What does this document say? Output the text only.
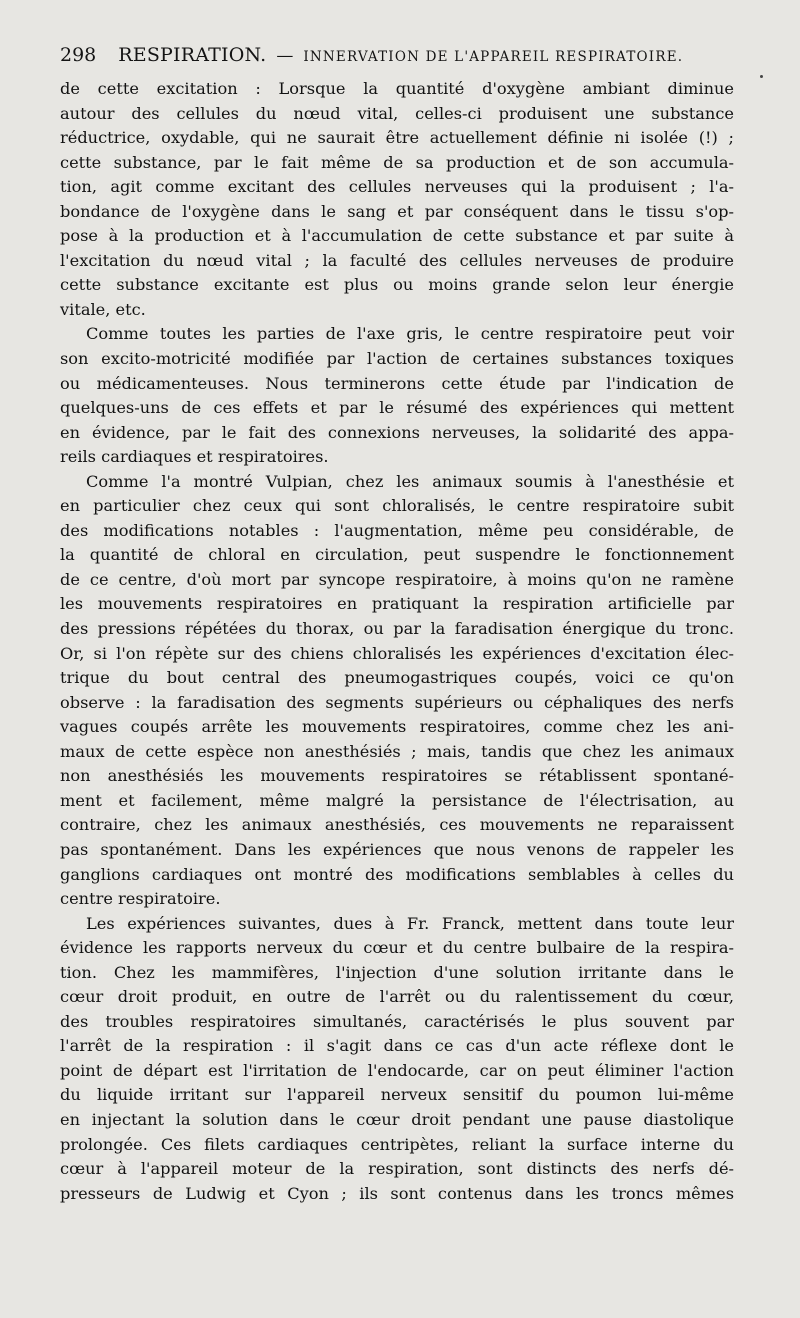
298 RESPIRATION. — INNERVATION DE L'APPAREIL RESPIRATOIRE.

de cette excitation : Lorsque la quantité d'oxygène ambiant diminue
autour des cellules du nœud vital, celles-ci produisent une substance
réductrice, oxydable, qui ne saurait être actuellement définie ni isolée (!) ;
cette substance, par le fait même de sa production et de son accumula-
tion, agit comme excitant des cellules nerveuses qui la produisent ; l'a-
bondance de l'oxygène dans le sang et par conséquent dans le tissu s'op-
pose à la production et à l'accumulation de cette substance et par suite à
l'excitation du nœud vital ; la faculté des cellules nerveuses de produire
cette substance excitante est plus ou moins grande selon leur énergie
vitale, etc.

Comme toutes les parties de l'axe gris, le centre respiratoire peut voir
son excito-motricité modifiée par l'action de certaines substances toxiques
ou médicamenteuses. Nous terminerons cette étude par l'indication de
quelques-uns de ces effets et par le résumé des expériences qui mettent
en évidence, par le fait des connexions nerveuses, la solidarité des appa-
reils cardiaques et respiratoires.

Comme l'a montré Vulpian, chez les animaux soumis à l'anesthésie et
en particulier chez ceux qui sont chloralisés, le centre respiratoire subit
des modifications notables : l'augmentation, même peu considérable, de
la quantité de chloral en circulation, peut suspendre le fonctionnement
de ce centre, d'où mort par syncope respiratoire, à moins qu'on ne ramène
les mouvements respiratoires en pratiquant la respiration artificielle par
des pressions répétées du thorax, ou par la faradisation énergique du tronc.
Or, si l'on répète sur des chiens chloralisés les expériences d'excitation élec-
trique du bout central des pneumogastriques coupés, voici ce qu'on
observe : la faradisation des segments supérieurs ou céphaliques des nerfs
vagues coupés arrête les mouvements respiratoires, comme chez les ani-
maux de cette espèce non anesthésiés ; mais, tandis que chez les animaux
non anesthésiés les mouvements respiratoires se rétablissent spontané-
ment et facilement, même malgré la persistance de l'électrisation, au
contraire, chez les animaux anesthésiés, ces mouvements ne reparaissent
pas spontanément. Dans les expériences que nous venons de rappeler les
ganglions cardiaques ont montré des modifications semblables à celles du
centre respiratoire.

Les expériences suivantes, dues à Fr. Franck, mettent dans toute leur
évidence les rapports nerveux du cœur et du centre bulbaire de la respira-
tion. Chez les mammifères, l'injection d'une solution irritante dans le
cœur droit produit, en outre de l'arrêt ou du ralentissement du cœur,
des troubles respiratoires simultanés, caractérisés le plus souvent par
l'arrêt de la respiration : il s'agit dans ce cas d'un acte réflexe dont le
point de départ est l'irritation de l'endocarde, car on peut éliminer l'action
du liquide irritant sur l'appareil nerveux sensitif du poumon lui-même
en injectant la solution dans le cœur droit pendant une pause diastolique
prolongée. Ces filets cardiaques centripètes, reliant la surface interne du
cœur à l'appareil moteur de la respiration, sont distincts des nerfs dé-
presseurs de Ludwig et Cyon ; ils sont contenus dans les troncs mêmes
